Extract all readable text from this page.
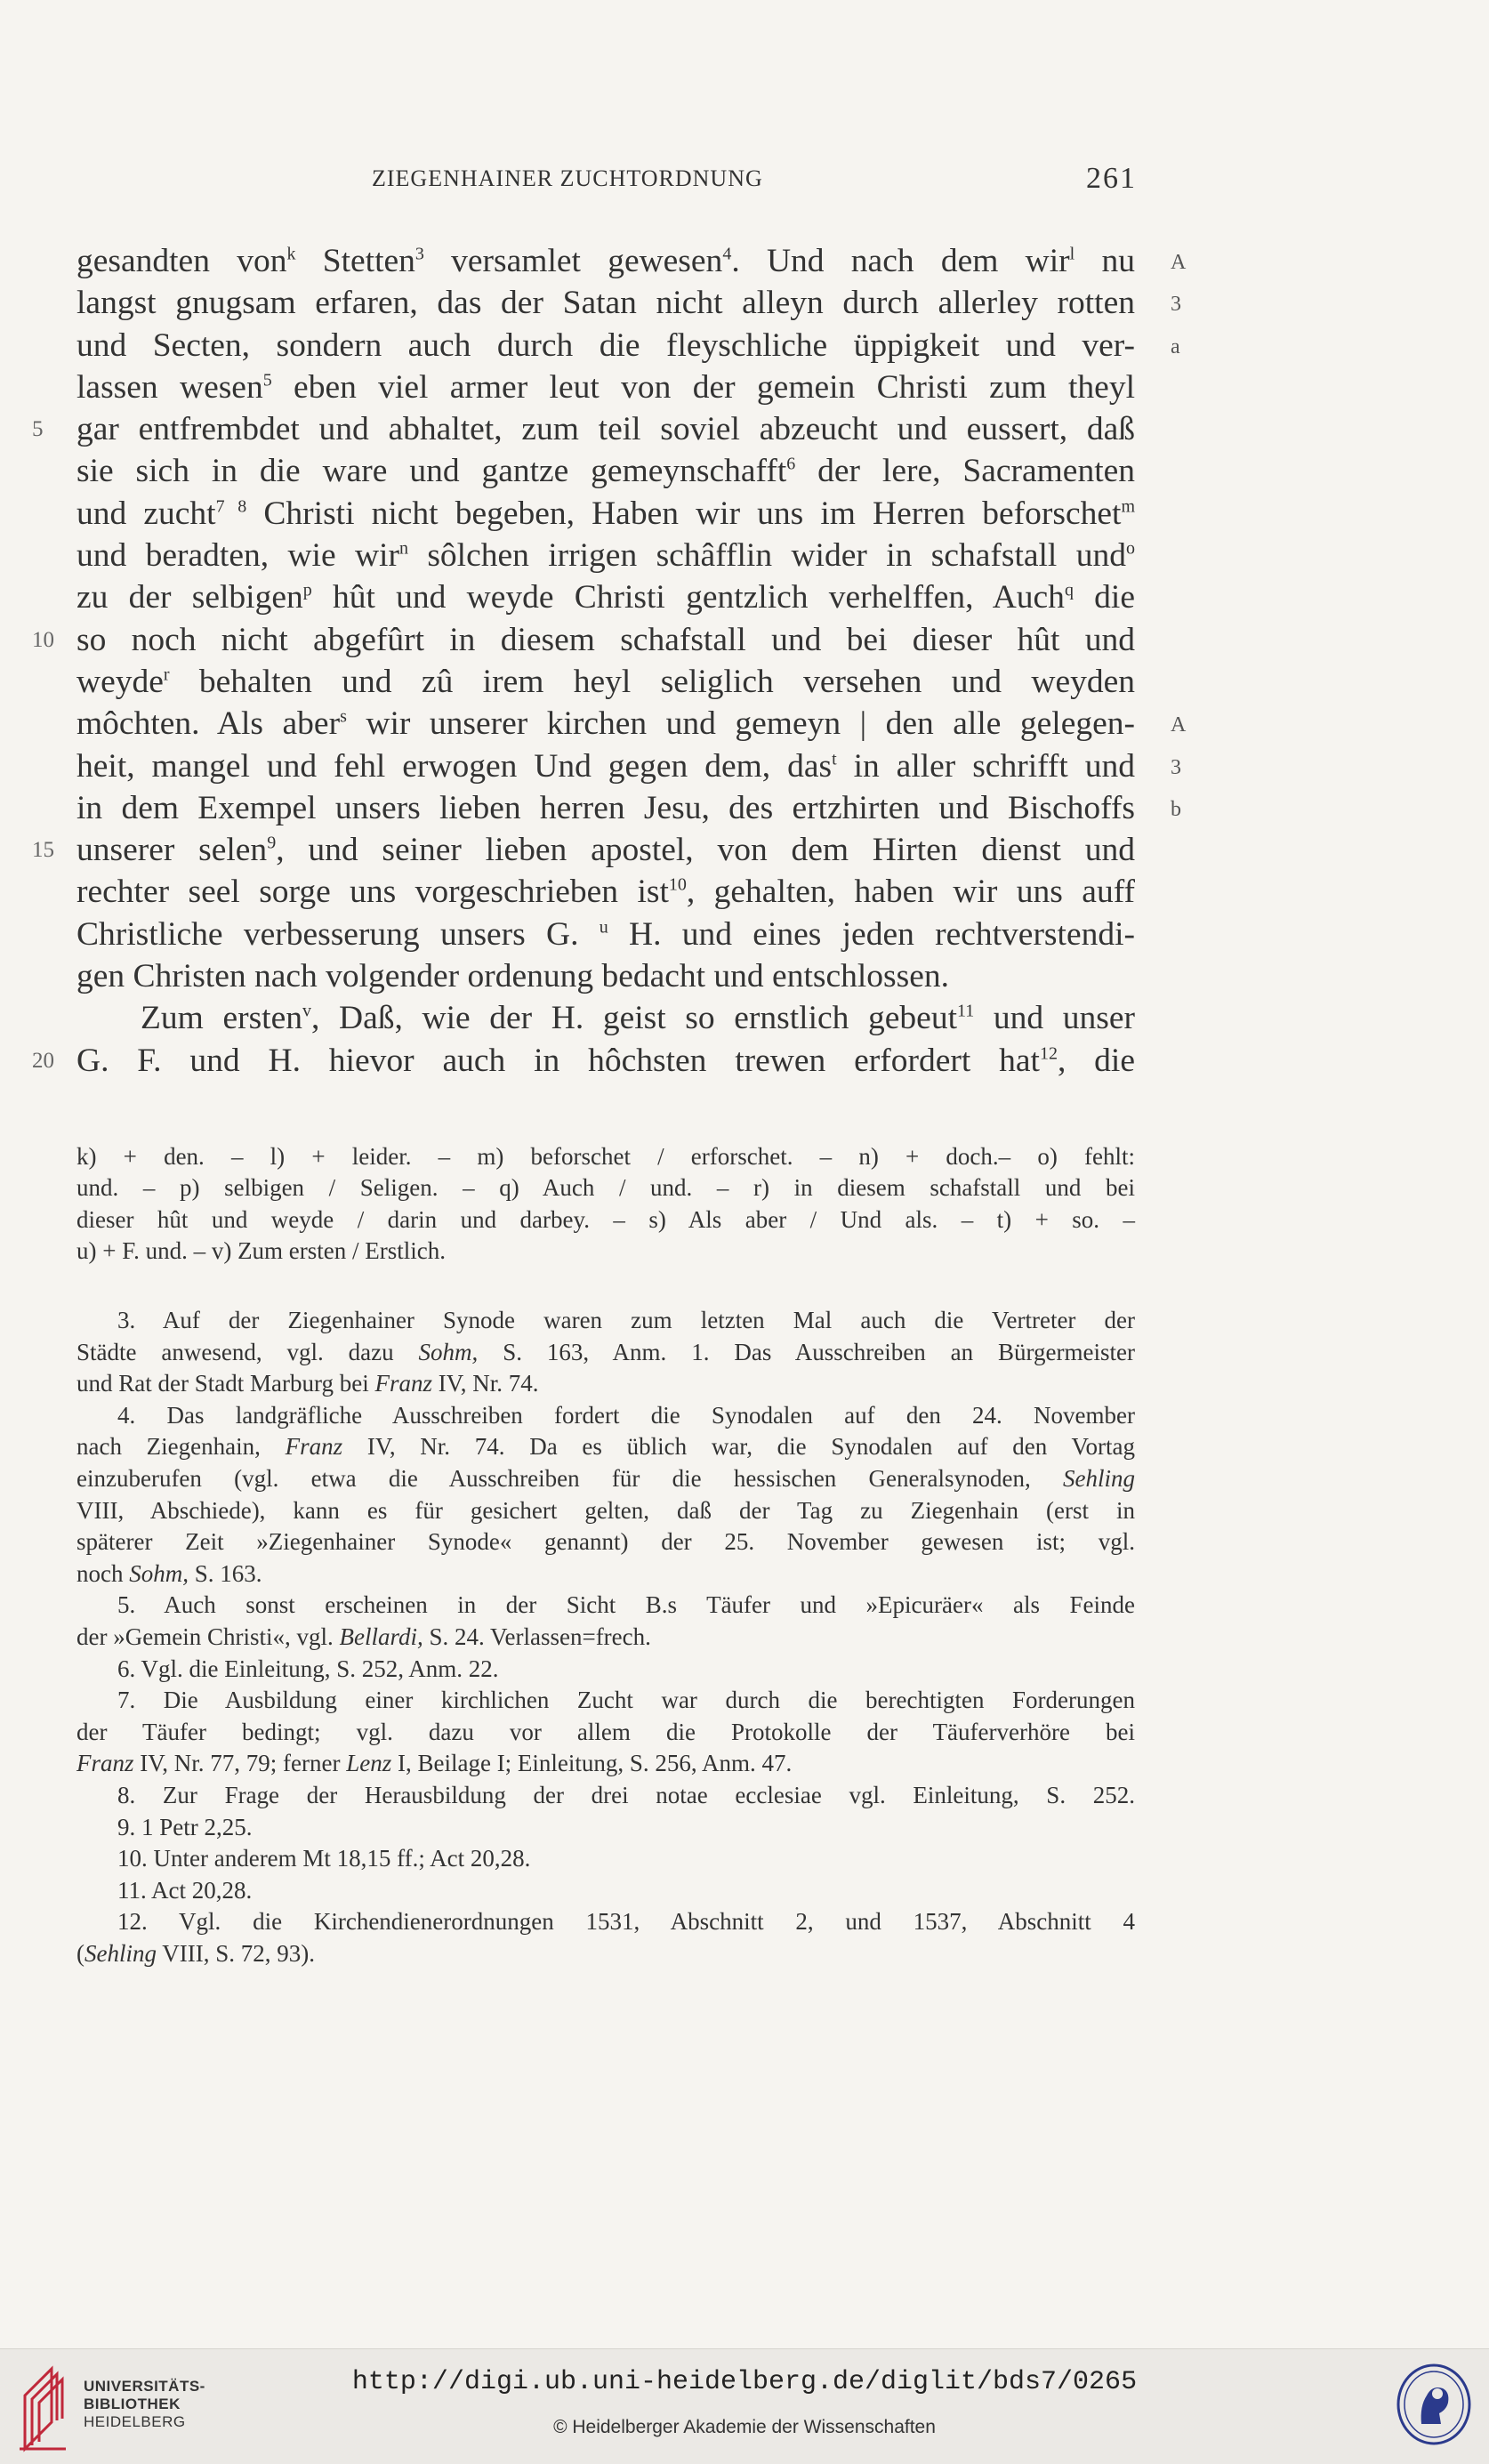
ZIEGENHAINER ZUCHTORDNUNG	261
gesandten von$^k$ Stetten$^3$ versamlet gewesen$^4$. Und nach dem wir$^l$ nu A 3 a
langst gnugsam erfaren, das der Satan nicht alleyn durch allerley rotten
und Secten, sondern auch durch die fleyschliche üppigkeit und ver-
lassen wesen$^5$ eben viel armer leut von der gemein Christi zum theyl
5 gar entfrembdet und abhaltet, zum teil soviel abzeucht und eussert, daß
sie sich in die ware und gantze gemeynschafft$^6$ der lere, Sacramenten
und zucht$^{7 8}$ Christi nicht begeben, Haben wir uns im Herren beforschet$^m$
und beradten, wie wir$^n$ sôlchen irrigen schâfflin wider in schafstall und$^o$
zu der selbigen$^p$ hût und weyde Christi gentzlich verhelffen, Auch$^q$ die
10 so noch nicht abgefûrt in diesem schafstall und bei dieser hût und
weyde$^r$ behalten und zû irem heyl seliglich versehen und weyden
môchten. Als aber$^s$ wir unserer kirchen und gemeyn | den alle gelegen- A 3 b
heit, mangel und fehl erwogen Und gegen dem, das$^t$ in aller schrifft und
in dem Exempel unsers lieben herren Jesu, des ertzhirten und Bischoffs
15 unserer selen$^9$, und seiner lieben apostel, von dem Hirten dienst und
rechter seel sorge uns vorgeschrieben ist$^{10}$, gehalten, haben wir uns auff
Christliche verbesserung unsers G. $^u$ H. und eines jeden rechtverstendi-
gen Christen nach volgender ordenung bedacht und entschlossen.
Zum ersten$^v$, Daß, wie der H. geist so ernstlich gebeut$^{11}$ und unser
20 G. F. und H. hievor auch in hôchsten trewen erfordert hat$^{12}$, die
k) + den. – l) + leider. – m) beforschet / erforschet. – n) + doch.– o) fehlt:
und. – p) selbigen / Seligen. – q) Auch / und. – r) in diesem schafstall und bei
dieser hût und weyde / darin und darbey. – s) Als aber / Und als. – t) + so. –
u) + F. und. – v) Zum ersten / Erstlich.
3. Auf der Ziegenhainer Synode waren zum letzten Mal auch die Vertreter der
Städte anwesend, vgl. dazu Sohm, S. 163, Anm. 1. Das Ausschreiben an Bürgermeister
und Rat der Stadt Marburg bei Franz IV, Nr. 74.
4. Das landgräfliche Ausschreiben fordert die Synodalen auf den 24. November
nach Ziegenhain, Franz IV, Nr. 74. Da es üblich war, die Synodalen auf den Vortag
einzuberufen (vgl. etwa die Ausschreiben für die hessischen Generalsynoden, Sehling
VIII, Abschiede), kann es für gesichert gelten, daß der Tag zu Ziegenhain (erst in
späterer Zeit »Ziegenhainer Synode« genannt) der 25. November gewesen ist; vgl.
noch Sohm, S. 163.
5. Auch sonst erscheinen in der Sicht B.s Täufer und »Epicuräer« als Feinde
der »Gemein Christi«, vgl. Bellardi, S. 24. Verlassen=frech.
6. Vgl. die Einleitung, S. 252, Anm. 22.
7. Die Ausbildung einer kirchlichen Zucht war durch die berechtigten Forderungen
der Täufer bedingt; vgl. dazu vor allem die Protokolle der Täuferverhöre bei
Franz IV, Nr. 77, 79; ferner Lenz I, Beilage I; Einleitung, S. 256, Anm. 47.
8. Zur Frage der Herausbildung der drei notae ecclesiae vgl. Einleitung, S. 252.
9. 1 Petr 2,25.
10. Unter anderem Mt 18,15 ff.; Act 20,28.
11. Act 20,28.
12. Vgl. die Kirchendienerordnungen 1531, Abschnitt 2, und 1537, Abschnitt 4
(Sehling VIII, S. 72, 93).
UNIVERSITÄTS-
BIBLIOTHEK
HEIDELBERG
http://digi.ub.uni-heidelberg.de/diglit/bds7/0265
© Heidelberger Akademie der Wissenschaften
